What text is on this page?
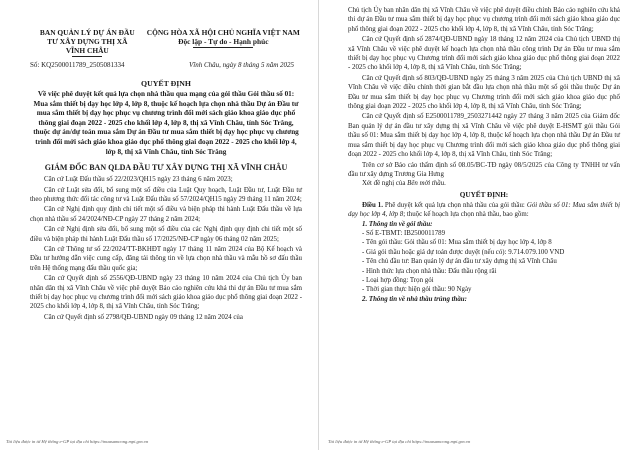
BAN QUẢN LÝ DỰ ÁN ĐẦU
TƯ XÂY DỰNG THỊ XÃ
VĨNH CHÂU
CỘNG HÒA XÃ HỘI CHỦ NGHĨA VIỆT NAM
Độc lập - Tự do - Hạnh phúc
Số: KQ2500011789_2505081334	Vĩnh Châu, ngày 8 tháng 5 năm 2025
QUYẾT ĐỊNH
Về việc phê duyệt kết quả lựa chọn nhà thầu qua mạng của gói thầu Gói thầu số 01: Mua sắm thiết bị dạy học lớp 4, lớp 8, thuộc kế hoạch lựa chọn nhà thầu Dự án Đầu tư mua sắm thiết bị dạy học phục vụ chương trình đổi mới sách giáo khoa giáo dục phổ thông giai đoạn 2022 - 2025 cho khối lớp 4, lớp 8, thị xã Vĩnh Châu, tỉnh Sóc Trăng, thuộc dự án/dự toán mua sắm Dự án Đầu tư mua sắm thiết bị dạy học phục vụ chương trình đổi mới sách giáo khoa giáo dục phổ thông giai đoạn 2022 - 2025 cho khối lớp 4, lớp 8, thị xã Vĩnh Châu, tỉnh Sóc Trăng
GIÁM ĐỐC BAN QLDA ĐẦU TƯ XÂY DỰNG THỊ XÃ VĨNH CHÂU

Căn cứ Luật Đấu thầu số 22/2023/QH15 ngày 23 tháng 6 năm 2023;

Căn cứ Luật sửa đổi, bổ sung một số điều của Luật Quy hoạch, Luật Đầu tư, Luật Đầu tư theo phương thức đối tác công tư và Luật Đấu thầu số 57/2024/QH15 ngày 29 tháng 11 năm 2024;

Căn cứ Nghị định quy định chi tiết một số điều và biện pháp thi hành Luật Đấu thầu về lựa chọn nhà thầu số 24/2024/NĐ-CP ngày 27 tháng 2 năm 2024;

Căn cứ Nghị định sửa đổi, bổ sung một số điều của các Nghị định quy định chi tiết một số điều và biện pháp thi hành Luật Đấu thầu số 17/2025/NĐ-CP ngày 06 tháng 02 năm 2025;

Căn cứ Thông tư số 22/2024/TT-BKHĐT ngày 17 tháng 11 năm 2024 của Bộ Kế hoạch và Đầu tư hướng dẫn việc cung cấp, đăng tải thông tin về lựa chọn nhà thầu và mẫu hồ sơ đấu thầu trên Hệ thống mạng đấu thầu quốc gia;

Căn cứ Quyết định số 2556/QĐ-UBND ngày 23 tháng 10 năm 2024 của Chủ tịch Ủy ban nhân dân thị xã Vĩnh Châu về việc phê duyệt Báo cáo nghiên cứu khả thi dự án Đầu tư mua sắm thiết bị dạy học phục vụ chương trình đổi mới sách giáo khoa giáo dục phổ thông giai đoạn 2022 - 2025 cho khối lớp 4, lớp 8, thị xã Vĩnh Châu, tỉnh Sóc Trăng;

Căn cứ Quyết định số 2798/QĐ-UBND ngày 09 tháng 12 năm 2024 của

Tài liệu được in từ Hệ thống e-GP tại địa chỉ https://muasamcong.mpi.gov.vn

Chủ tịch Ủy ban nhân dân thị xã Vĩnh Châu về việc phê duyệt điều chỉnh Báo cáo nghiên cứu khả thi dự án Đầu tư mua sắm thiết bị dạy học phục vụ chương trình đổi mới sách giáo khoa giáo dục phổ thông giai đoạn 2022 - 2025 cho khối lớp 4, lớp 8, thị xã Vĩnh Châu, tỉnh Sóc Trăng;

Căn cứ Quyết định số 2874/QĐ-UBND ngày 18 tháng 12 năm 2024 của Chủ tịch UBND thị xã Vĩnh Châu về việc phê duyệt kế hoạch lựa chọn nhà thầu công trình Dự án Đầu tư mua sắm thiết bị dạy học phục vụ Chương trình đổi mới sách giáo khoa giáo dục phổ thông giai đoạn 2022 - 2025 cho khối lớp 4, lớp 8, thị xã Vĩnh Châu, tỉnh Sóc Trăng;

Căn cứ Quyết định số 803/QĐ-UBND ngày 25 tháng 3 năm 2025 của Chủ tịch UBND thị xã Vĩnh Châu về việc điều chỉnh thời gian bắt đầu lựa chọn nhà thầu một số gói thầu thuộc Dự án Đầu tư mua sắm thiết bị dạy học phục vụ Chương trình đổi mới sách giáo khoa giáo dục phổ thông giai đoạn 2022 - 2025 cho khối lớp 4, lớp 8, thị xã Vĩnh Châu, tỉnh Sóc Trăng;

Căn cứ Quyết định số E2500011789_2503271442 ngày 27 tháng 3 năm 2025 của Giám đốc Ban quản lý dự án đầu tư xây dựng thị xã Vĩnh Châu về việc phê duyệt E-HSMT gói thầu Gói thầu số 01: Mua sắm thiết bị dạy học lớp 4, lớp 8, thuộc kế hoạch lựa chọn nhà thầu Dự án Đầu tư mua sắm thiết bị dạy học phục vụ Chương trình đổi mới sách giáo khoa giáo dục phổ thông giai đoạn 2022 - 2025 cho khối lớp 4, lớp 8, thị xã Vĩnh Châu, tỉnh Sóc Trăng;

Trên cơ sở Báo cáo thẩm định số 08.05/BC-TĐ ngày 08/5/2025 của Công ty TNHH tư vấn đầu tư xây dựng Trương Gia Hưng

Xét đề nghị của Bên mời thầu.

QUYẾT ĐỊNH:

Điều 1. Phê duyệt kết quả lựa chọn nhà thầu của gói thầu: Gói thầu số 01: Mua sắm thiết bị dạy học lớp 4, lớp 8; thuộc kế hoạch lựa chọn nhà thầu, bao gồm:

1. Thông tin về gói thầu:

- Số E-TBMT: IB2500011789

- Tên gói thầu: Gói thầu số 01: Mua sắm thiết bị dạy học lớp 4, lớp 8

- Giá gói thầu hoặc giá dự toán được duyệt (nếu có): 9.714.079.100 VND

- Tên chủ đầu tư: Ban quản lý dự án đầu tư xây dựng thị xã Vĩnh Châu

- Hình thức lựa chọn nhà thầu: Đấu thầu rộng rãi

- Loại hợp đồng: Trọn gói

- Thời gian thực hiện gói thầu: 90 Ngày

2. Thông tin về nhà thầu trúng thầu:

Tài liệu được in từ Hệ thống e-GP tại địa chỉ https://muasamcong.mpi.gov.vn
